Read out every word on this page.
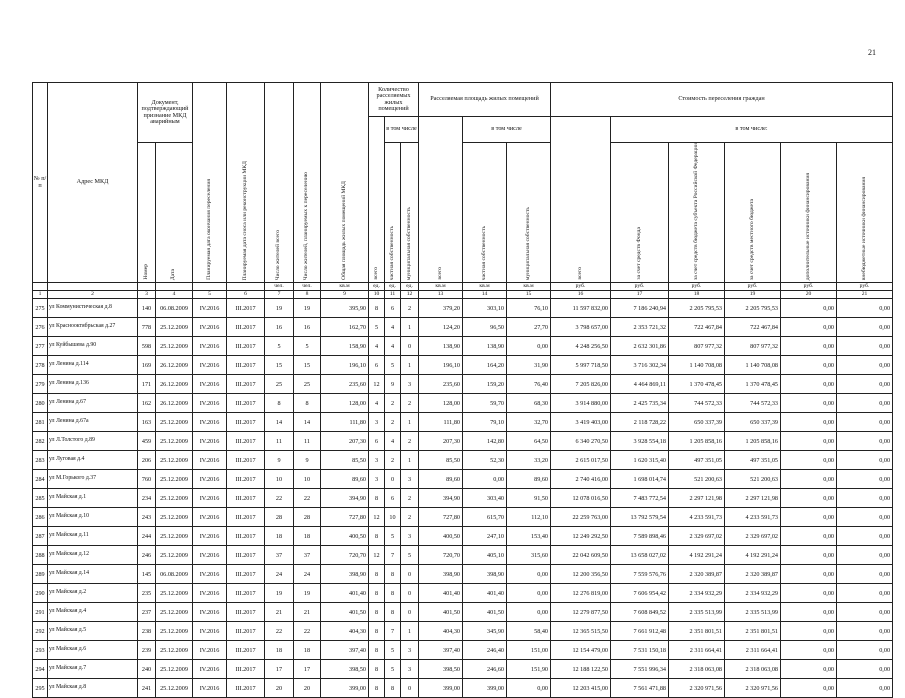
21
№ п/п	Адрес МКД	Документ, подтверждающий признание МКД аварийным		Планируемая дата окончания переселения	Планируемая дата сноса или реконструкции МКД	Число жителей всего	Число жителей, планируемых к переселению	Общая площадь жилых помещений МКД	Количество расселяемых жилых помещений			Расселяемая площадь жилых помещений			Стоимость переселения граждан					

									всего	в том числе		всего	в том числе		всего	в том числе:				

		Номер	Дата							частная собственность	муниципальная собственность		частная собственность	муниципальная собственность		за счет средств Фонда	за счет средств бюджета субъекта Российской Федерации	за счет средств местного бюджета	дополнительные источники финансирования	внебюджетные источники финансирования

						чел.	чел.	кв.м	ед.	ед.	ед.	кв.м	кв.м	кв.м	руб.	руб.	руб.	руб.	руб.	руб.
1	2	3	4	5	6	7	8	9	10	11	12	13	14	15	16	17	18	19	20	21
275	ул Коммунистическая д.8	140	06.08.2009	IV.2016	III.2017	19	19	395,90	8	6	2	379,20	303,10	76,10	11 597 832,00	7 186 240,94	2 205 795,53	2 205 795,53	0,00	0,00
276	ул Краснооктябрьская д.27	778	25.12.2009	IV.2016	III.2017	16	16	162,70	5	4	1	124,20	96,50	27,70	3 798 657,00	2 353 721,32	722 467,84	722 467,84	0,00	0,00
277	ул Куйбышева д.90	598	25.12.2009	IV.2016	III.2017	5	5	158,90	4	4	0	138,90	138,90	0,00	4 248 256,50	2 632 301,86	807 977,32	807 977,32	0,00	0,00
278	ул Ленина д.114	169	26.12.2009	IV.2016	III.2017	15	15	196,10	6	5	1	196,10	164,20	31,90	5 997 718,50	3 716 302,34	1 140 708,08	1 140 708,08	0,00	0,00
279	ул Ленина д.136	171	26.12.2009	IV.2016	III.2017	25	25	235,60	12	9	3	235,60	159,20	76,40	7 205 826,00	4 464 869,11	1 370 478,45	1 370 478,45	0,00	0,00
280	ул Ленина д.67	162	26.12.2009	IV.2016	III.2017	8	8	128,00	4	2	2	128,00	59,70	68,30	3 914 880,00	2 425 735,34	744 572,33	744 572,33	0,00	0,00
281	ул Ленина д.67а	163	25.12.2009	IV.2016	III.2017	14	14	111,80	3	2	1	111,80	79,10	32,70	3 419 403,00	2 118 728,22	650 337,39	650 337,39	0,00	0,00
282	ул Л.Толстого д.89	459	25.12.2009	IV.2016	III.2017	11	11	207,30	6	4	2	207,30	142,80	64,50	6 340 270,50	3 928 554,18	1 205 858,16	1 205 858,16	0,00	0,00
283	ул Луговая д.4	206	25.12.2009	IV.2016	III.2017	9	9	85,50	3	2	1	85,50	52,30	33,20	2 615 017,50	1 620 315,40	497 351,05	497 351,05	0,00	0,00
284	ул М.Горького д.37	760	25.12.2009	IV.2016	III.2017	10	10	89,60	3	0	3	89,60	0,00	89,60	2 740 416,00	1 698 014,74	521 200,63	521 200,63	0,00	0,00
285	ул Майская д.1	234	25.12.2009	IV.2016	III.2017	22	22	394,90	8	6	2	394,90	303,40	91,50	12 078 016,50	7 483 772,54	2 297 121,98	2 297 121,98	0,00	0,00
286	ул Майская д.10	243	25.12.2009	IV.2016	III.2017	28	28	727,80	12	10	2	727,80	615,70	112,10	22 259 763,00	13 792 579,54	4 233 591,73	4 233 591,73	0,00	0,00
287	ул Майская д.11	244	25.12.2009	IV.2016	III.2017	18	18	400,50	8	5	3	400,50	247,10	153,40	12 249 292,50	7 589 898,46	2 329 697,02	2 329 697,02	0,00	0,00
288	ул Майская д.12	246	25.12.2009	IV.2016	III.2017	37	37	720,70	12	7	5	720,70	405,10	315,60	22 042 609,50	13 658 027,02	4 192 291,24	4 192 291,24	0,00	0,00
289	ул Майская д.14	145	06.08.2009	IV.2016	III.2017	24	24	398,90	8	8	0	398,90	398,90	0,00	12 200 356,50	7 559 576,76	2 320 389,87	2 320 389,87	0,00	0,00
290	ул Майская д.2	235	25.12.2009	IV.2016	III.2017	19	19	401,40	8	8	0	401,40	401,40	0,00	12 276 819,00	7 606 954,42	2 334 932,29	2 334 932,29	0,00	0,00
291	ул Майская д.4	237	25.12.2009	IV.2016	III.2017	21	21	401,50	8	8	0	401,50	401,50	0,00	12 279 877,50	7 608 849,52	2 335 513,99	2 335 513,99	0,00	0,00
292	ул Майская д.5	238	25.12.2009	IV.2016	III.2017	22	22	404,30	8	7	1	404,30	345,90	58,40	12 365 515,50	7 661 912,48	2 351 801,51	2 351 801,51	0,00	0,00
293	ул Майская д.6	239	25.12.2009	IV.2016	III.2017	18	18	397,40	8	5	3	397,40	246,40	151,00	12 154 479,00	7 531 150,18	2 311 664,41	2 311 664,41	0,00	0,00
294	ул Майская д.7	240	25.12.2009	IV.2016	III.2017	17	17	398,50	8	5	3	398,50	246,60	151,90	12 188 122,50	7 551 996,34	2 318 063,08	2 318 063,08	0,00	0,00
295	ул Майская д.8	241	25.12.2009	IV.2016	III.2017	20	20	399,00	8	8	0	399,00	399,00	0,00	12 203 415,00	7 561 471,88	2 320 971,56	2 320 971,56	0,00	0,00
